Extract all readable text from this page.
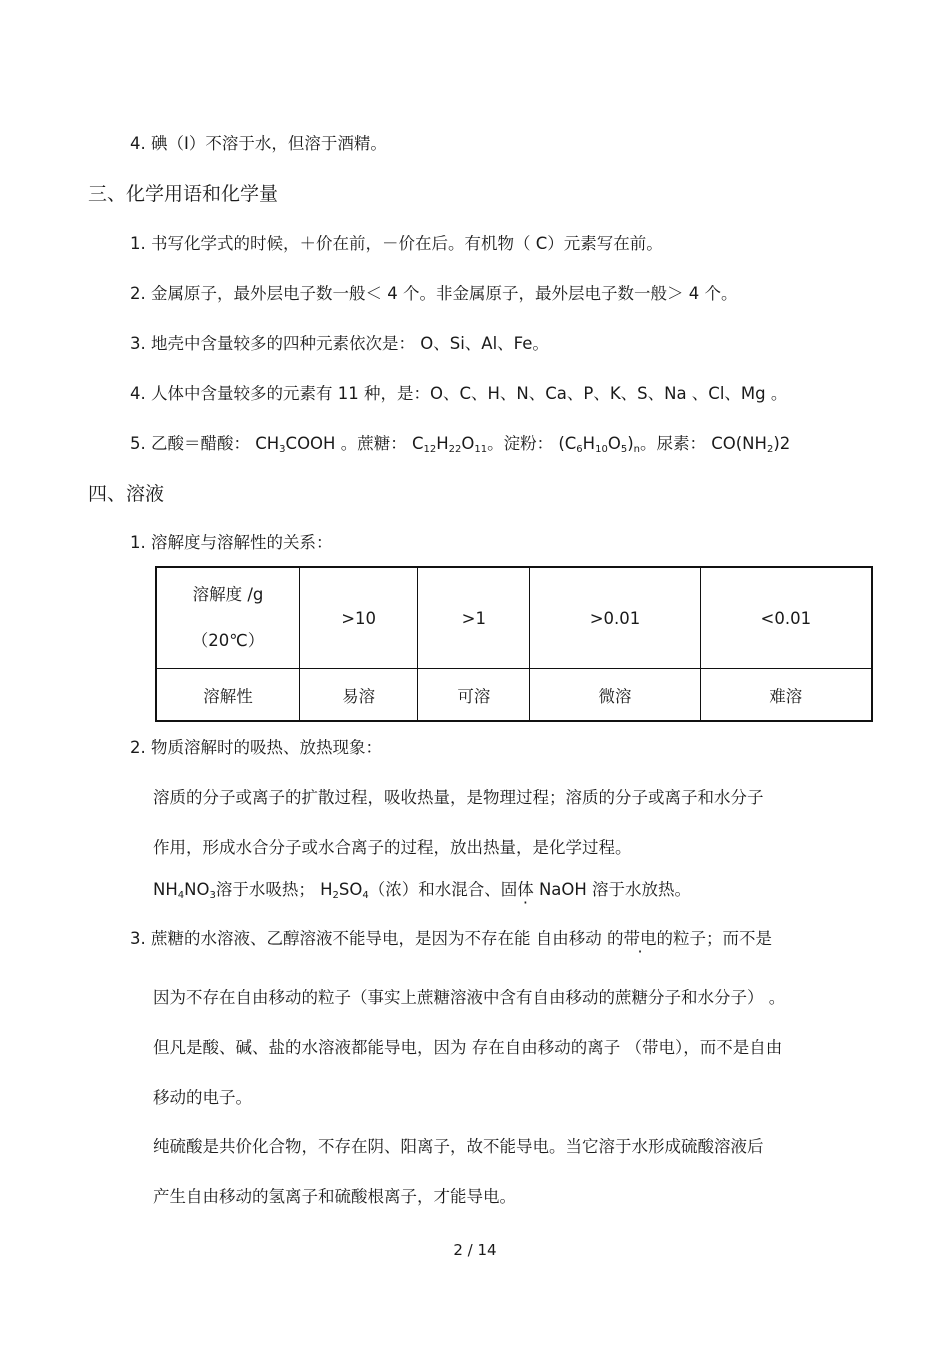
4. 碘（I）不溶于水，但溶于酒精。
三、化学用语和化学量
1. 书写化学式的时候，＋价在前，－价在后。有机物（ C）元素写在前。
2. 金属原子，最外层电子数一般＜ 4 个。非金属原子，最外层电子数一般＞ 4 个。
3. 地壳中含量较多的四种元素依次是： O、Si、Al、Fe。
4. 人体中含量较多的元素有 11 种，是：O、C、H、N、Ca、P、K、S、Na 、Cl、Mg 。
5. 乙酸＝醋酸： $CH_3COOH$ 。蔗糖： $C_{12}H_{22}O_{11}$。淀粉： $(C_6H_{10}O_5)_n$。尿素： $CO(NH_2)2$
四、溶液
1. 溶解度与溶解性的关系：
溶解度 /g
（20℃）	>10	>1	>0.01	<0.01
溶解性	易溶	可溶	微溶	难溶
2. 物质溶解时的吸热、放热现象：
溶质的分子或离子的扩散过程，吸收热量，是物理过程；溶质的分子或离子和水分子
作用，形成水合分子或水合离子的过程，放出热量，是化学过程。
$NH_4NO_3$溶于水吸热； $H_2SO_4$（浓）和水混合、固体 NaOH 溶于水放热。
3. 蔗糖的水溶液、乙醇溶液不能导电，是因为不存在能 自由移动 的带电的粒子；而不是
因为不存在自由移动的粒子（事实上蔗糖溶液中含有自由移动的蔗糖分子和水分子） 。
但凡是酸、碱、盐的水溶液都能导电，因为 存在自由移动的离子 （带电），而不是自由
移动的电子。
纯硫酸是共价化合物，不存在阴、阳离子，故不能导电。当它溶于水形成硫酸溶液后
产生自由移动的氢离子和硫酸根离子，才能导电。
2 / 14
